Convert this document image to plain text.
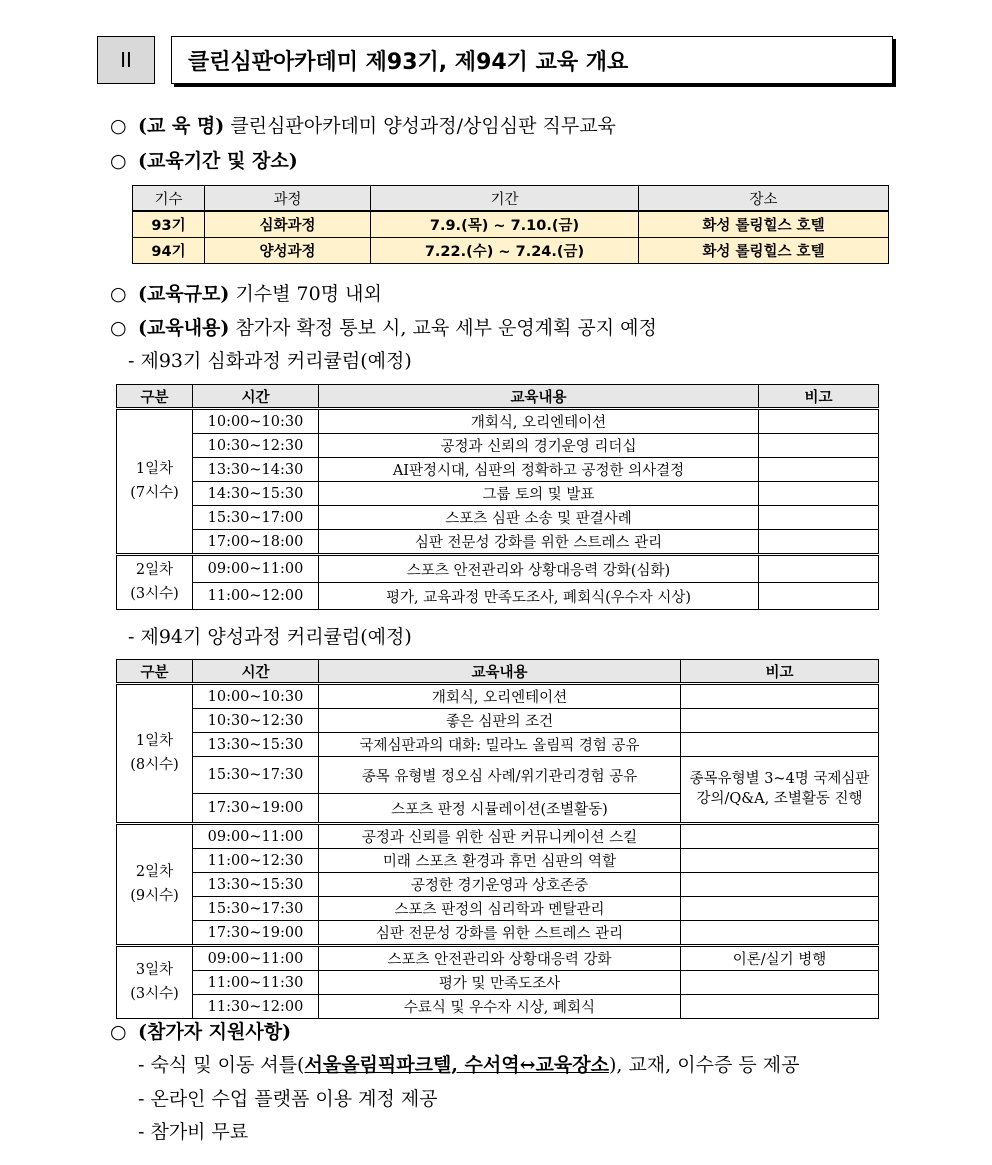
II	클린심판아카데미 제93기, 제94기 교육 개요
○ (교 육 명) 클린심판아카데미 양성과정/상임심판 직무교육
○ (교육기간 및 장소)
기수	과정	기간	장소
93기	심화과정	7.9.(목) ~ 7.10.(금)	화성 롤링힐스 호텔
94기	양성과정	7.22.(수) ~ 7.24.(금)	화성 롤링힐스 호텔
○ (교육규모) 기수별 70명 내외
○ (교육내용) 참가자 확정 통보 시, 교육 세부 운영계획 공지 예정
- 제93기 심화과정 커리큘럼(예정)
구분	시간	교육내용	비고
1일차
(7시수)	10:00~10:30	개회식, 오리엔테이션	
	10:30~12:30	공정과 신뢰의 경기운영 리더십	
	13:30~14:30	AI판정시대, 심판의 정확하고 공정한 의사결정	
	14:30~15:30	그룹 토의 및 발표	
	15:30~17:00	스포츠 심판 소송 및 판결사례	
	17:00~18:00	심판 전문성 강화를 위한 스트레스 관리	
2일차
(3시수)	09:00~11:00	스포츠 안전관리와 상황대응력 강화(심화)	
	11:00~12:00	평가, 교육과정 만족도조사, 폐회식(우수자 시상)	
- 제94기 양성과정 커리큘럼(예정)
구분	시간	교육내용	비고
1일차
(8시수)	10:00~10:30	개회식, 오리엔테이션	
	10:30~12:30	좋은 심판의 조건	
	13:30~15:30	국제심판과의 대화: 밀라노 올림픽 경험 공유	
	15:30~17:30	종목 유형별 정오심 사례/위기관리경험 공유	종목유형별 3~4명 국제심판 강의/Q&A, 조별활동 진행
	17:30~19:00	스포츠 판정 시뮬레이션(조별활동)	
2일차
(9시수)	09:00~11:00	공정과 신뢰를 위한 심판 커뮤니케이션 스킬	
	11:00~12:30	미래 스포츠 환경과 휴먼 심판의 역할	
	13:30~15:30	공정한 경기운영과 상호존중	
	15:30~17:30	스포츠 판정의 심리학과 멘탈관리	
	17:30~19:00	심판 전문성 강화를 위한 스트레스 관리	
3일차
(3시수)	09:00~11:00	스포츠 안전관리와 상황대응력 강화	이론/실기 병행
	11:00~11:30	평가 및 만족도조사	
	11:30~12:00	수료식 및 우수자 시상, 폐회식	
○ (참가자 지원사항)
- 숙식 및 이동 셔틀(서울올림픽파크텔, 수서역↔교육장소), 교재, 이수증 등 제공
- 온라인 수업 플랫폼 이용 계정 제공
- 참가비 무료
